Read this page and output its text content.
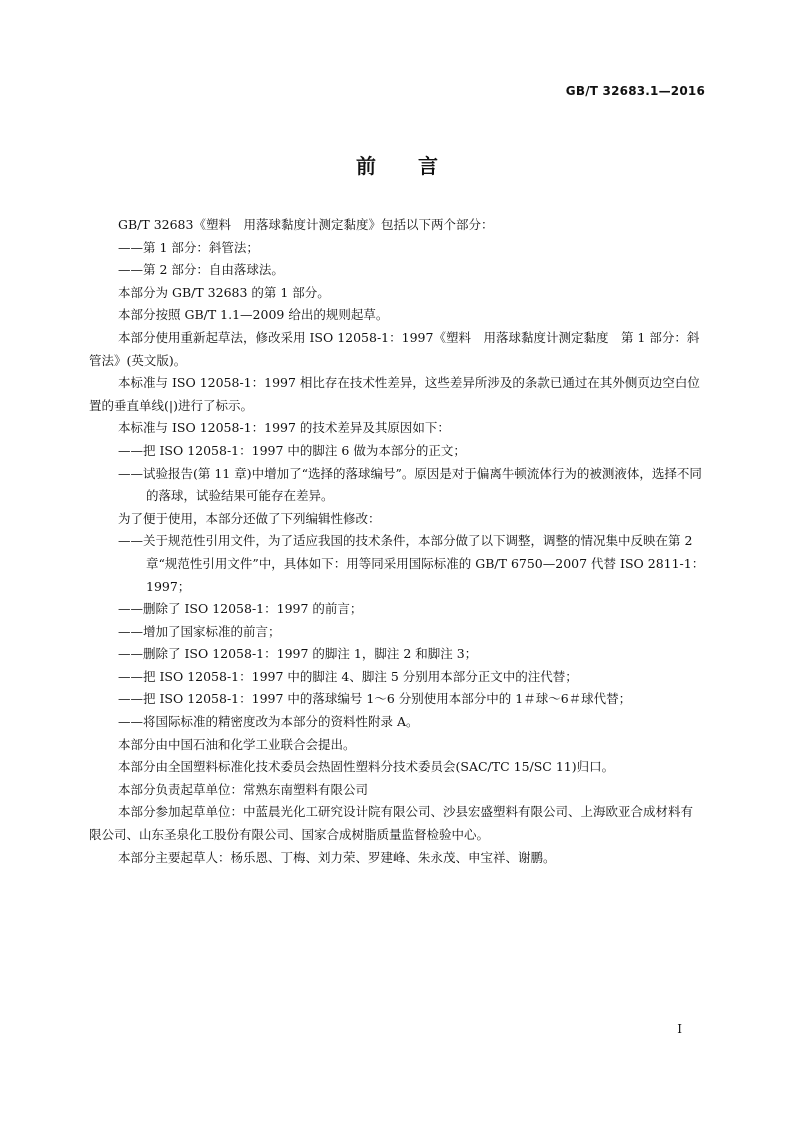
GB/T 32683.1—2016
前言

GB/T 32683《塑料　用落球黏度计测定黏度》包括以下两个部分：

——第 1 部分：斜管法；

——第 2 部分：自由落球法。

本部分为 GB/T 32683 的第 1 部分。

本部分按照 GB/T 1.1—2009 给出的规则起草。

本部分使用重新起草法，修改采用 ISO 12058-1：1997《塑料　用落球黏度计测定黏度　第 1 部分：斜管法》(英文版)。

本标准与 ISO 12058-1：1997 相比存在技术性差异，这些差异所涉及的条款已通过在其外侧页边空白位置的垂直单线(|)进行了标示。

本标准与 ISO 12058-1：1997 的技术差异及其原因如下：

——把 ISO 12058-1：1997 中的脚注 6 做为本部分的正文；

——试验报告(第 11 章)中增加了“选择的落球编号”。原因是对于偏离牛顿流体行为的被测液体，选择不同的落球，试验结果可能存在差异。

为了便于使用，本部分还做了下列编辑性修改：

——关于规范性引用文件，为了适应我国的技术条件，本部分做了以下调整，调整的情况集中反映在第 2 章“规范性引用文件”中，具体如下：用等同采用国际标准的 GB/T 6750—2007 代替 ISO 2811-1：1997；

——删除了 ISO 12058-1：1997 的前言；

——增加了国家标准的前言；

——删除了 ISO 12058-1：1997 的脚注 1，脚注 2 和脚注 3；

——把 ISO 12058-1：1997 中的脚注 4、脚注 5 分别用本部分正文中的注代替；

——把 ISO 12058-1：1997 中的落球编号 1～6 分别使用本部分中的 1＃球～6＃球代替；

——将国际标准的精密度改为本部分的资料性附录 A。

本部分由中国石油和化学工业联合会提出。

本部分由全国塑料标准化技术委员会热固性塑料分技术委员会(SAC/TC 15/SC 11)归口。

本部分负责起草单位：常熟东南塑料有限公司

本部分参加起草单位：中蓝晨光化工研究设计院有限公司、沙县宏盛塑料有限公司、上海欧亚合成材料有限公司、山东圣泉化工股份有限公司、国家合成树脂质量监督检验中心。

本部分主要起草人：杨乐恩、丁梅、刘力荣、罗建峰、朱永茂、申宝祥、谢鹏。

I
